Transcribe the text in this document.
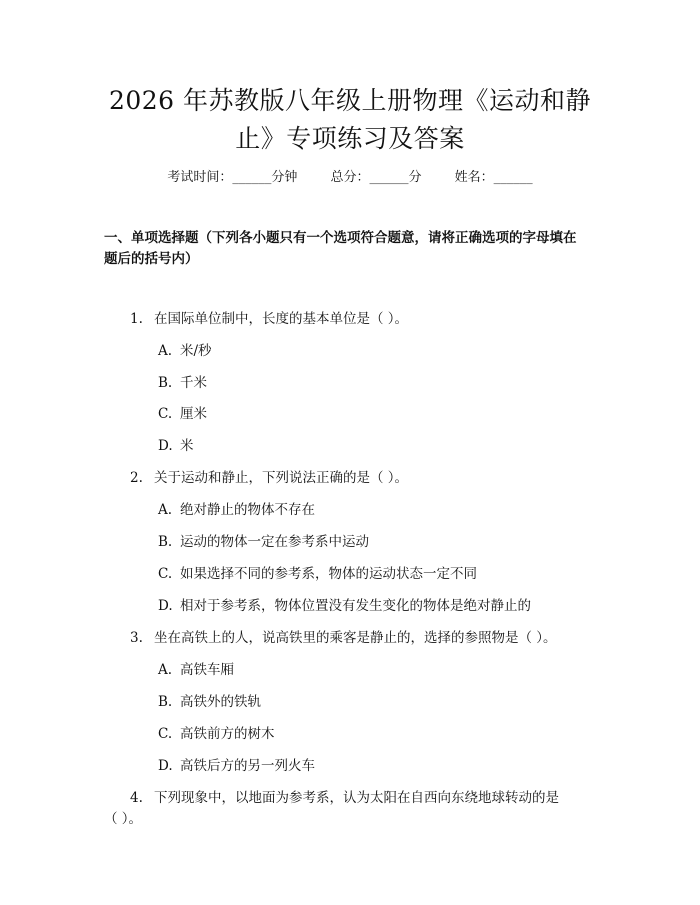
2026 年苏教版八年级上册物理《运动和静
止》专项练习及答案
考试时间：______分钟	总分：______分	姓名：______
一、单项选择题（下列各小题只有一个选项符合题意，请将正确选项的字母填在
题后的括号内）
1. 在国际单位制中，长度的基本单位是（ ）。
A. 米/秒
B. 千米
C. 厘米
D. 米
2. 关于运动和静止，下列说法正确的是（ ）。
A. 绝对静止的物体不存在
B. 运动的物体一定在参考系中运动
C. 如果选择不同的参考系，物体的运动状态一定不同
D. 相对于参考系，物体位置没有发生变化的物体是绝对静止的
3. 坐在高铁上的人，说高铁里的乘客是静止的，选择的参照物是（ ）。
A. 高铁车厢
B. 高铁外的铁轨
C. 高铁前方的树木
D. 高铁后方的另一列火车
4. 下列现象中，以地面为参考系，认为太阳在自西向东绕地球转动的是
（ ）。
